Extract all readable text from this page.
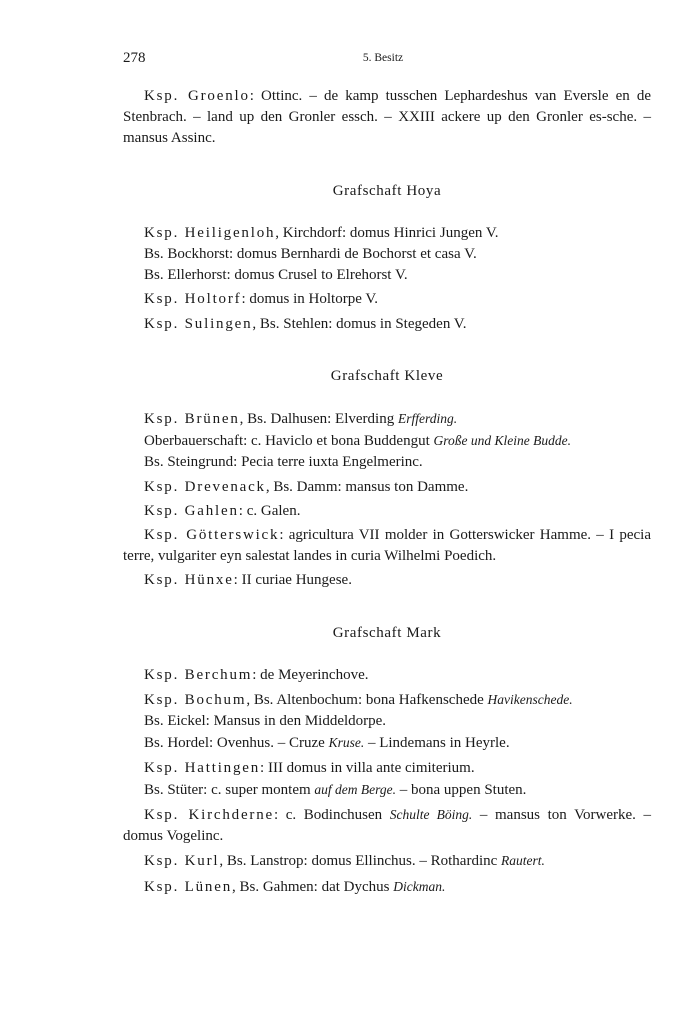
278	5. Besitz

Ksp. Groenlo: Ottinc. – de kamp tusschen Lephardeshus van Eversle en de Stenbrach. – land up den Gronler essch. – XXIII ackere up den Gronler es-sche. – mansus Assinc.

Grafschaft Hoya

Ksp. Heiligenloh, Kirchdorf: domus Hinrici Jungen V.

Bs. Bockhorst: domus Bernhardi de Bochorst et casa V.

Bs. Ellerhorst: domus Crusel to Elrehorst V.

Ksp. Holtorf: domus in Holtorpe V.

Ksp. Sulingen, Bs. Stehlen: domus in Stegeden V.

Grafschaft Kleve

Ksp. Brünen, Bs. Dalhusen: Elverding Erfferding.

Oberbauerschaft: c. Haviclo et bona Buddengut Große und Kleine Budde.

Bs. Steingrund: Pecia terre iuxta Engelmerinc.

Ksp. Drevenack, Bs. Damm: mansus ton Damme.

Ksp. Gahlen: c. Galen.

Ksp. Götterswick: agricultura VII molder in Gotterswicker Hamme. – I pecia terre, vulgariter eyn salestat landes in curia Wilhelmi Poedich.

Ksp. Hünxe: II curiae Hungese.

Grafschaft Mark

Ksp. Berchum: de Meyerinchove.

Ksp. Bochum, Bs. Altenbochum: bona Hafkenschede Havikenschede.

Bs. Eickel: Mansus in den Middeldorpe.

Bs. Hordel: Ovenhus. – Cruze Kruse. – Lindemans in Heyrle.

Ksp. Hattingen: III domus in villa ante cimiterium.

Bs. Stüter: c. super montem auf dem Berge. – bona uppen Stuten.

Ksp. Kirchderne: c. Bodinchusen Schulte Böing. – mansus ton Vorwerke. – domus Vogelinc.

Ksp. Kurl, Bs. Lanstrop: domus Ellinchus. – Rothardinc Rautert.

Ksp. Lünen, Bs. Gahmen: dat Dychus Dickman.
